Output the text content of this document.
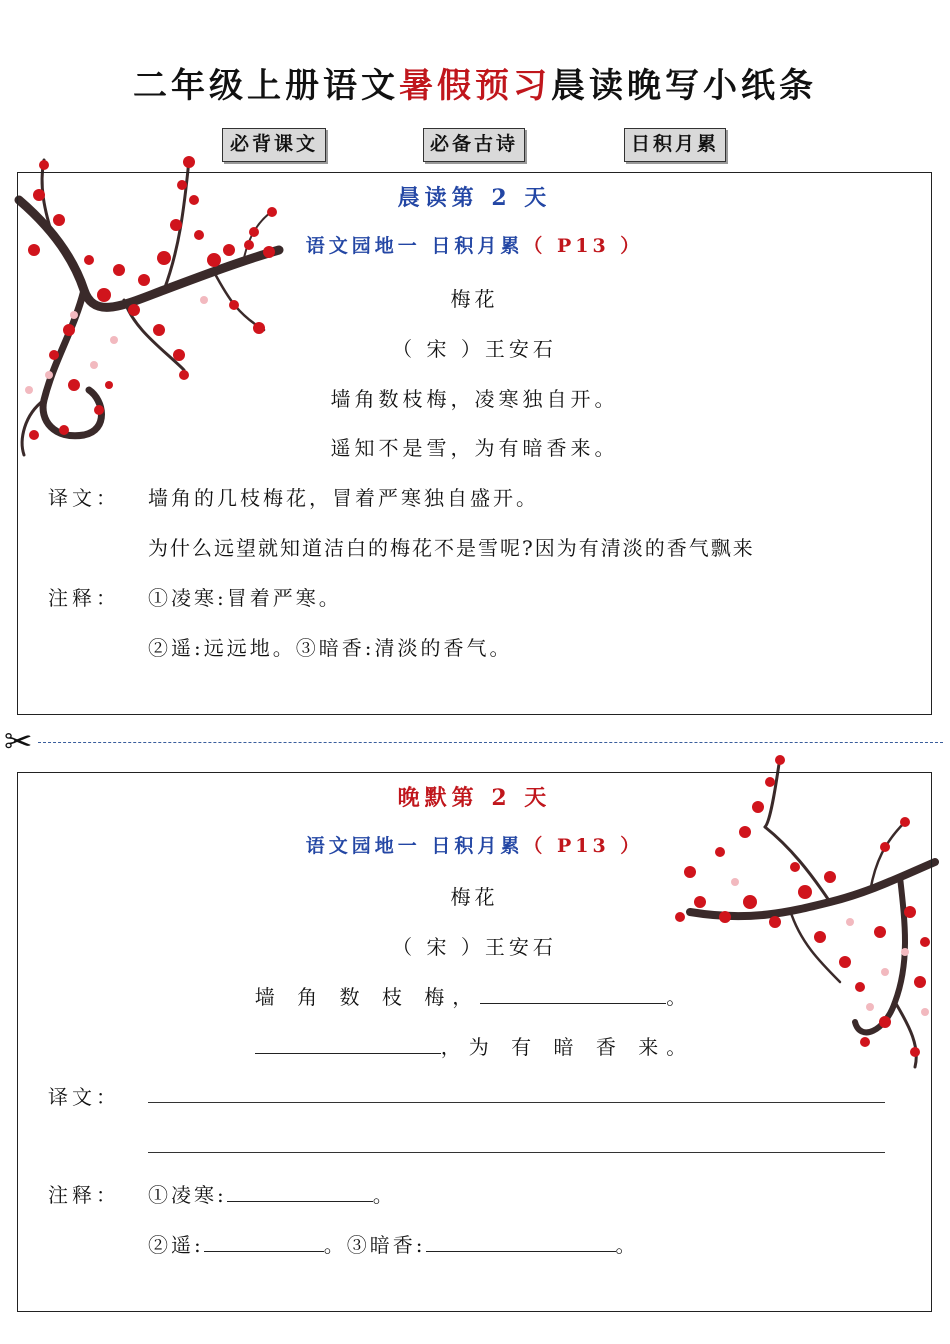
二年级上册语文暑假预习晨读晚写小纸条
必背课文	必备古诗	日积月累
晨读第 2 天
语文园地一 日积月累（ P13 ）
梅花
（ 宋 ）王安石
墙角数枝梅，凌寒独自开。
遥知不是雪，为有暗香来。
译文： 墙角的几枝梅花，冒着严寒独自盛开。
为什么远望就知道洁白的梅花不是雪呢?因为有清淡的香气飘来
注释： ①凌寒:冒着严寒。
②遥:远远地。③暗香:清淡的香气。
✂
晚默第 2 天
语文园地一 日积月累（ P13 ）
梅花
（ 宋 ）王安石
墙 角 数 枝 梅，	。
，为 有 暗 香 来。
译文：
注释： ①凌寒:	。
②遥:	。③暗香:	。
